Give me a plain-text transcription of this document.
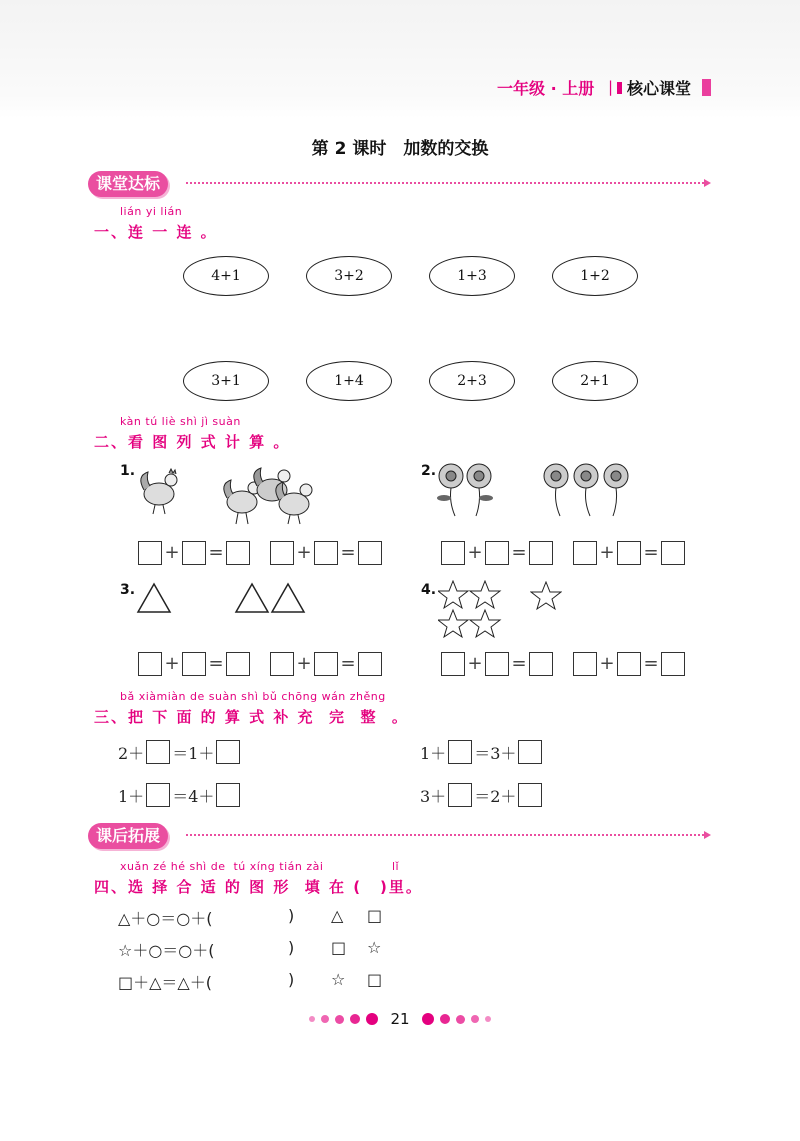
一年级 · 上册 | 核心课堂
第 2 课时　加数的交换
课堂达标
lián yi lián
一、连 一 连 。
4+1	3+2	1+3	1+2
3+1	1+4	2+3	2+1
kàn tú liè shì jì suàn
二、看 图 列 式 计 算 。
1.	2.
+ =	+ =	+ =	+ =
3.	4.
+ =	+ =	+ =	+ =
bǎ xiàmiàn de suàn shì bǔ chōng wán zhěng
三、把 下 面 的 算 式 补 充  完  整  。
2＋ ＝1＋	1＋ ＝3＋
1＋ ＝4＋	3＋ ＝2＋
课后拓展
xuǎn zé hé shì de  tú xíng tián zài	lǐ
四、选 择 合 适 的 图 形  填 在 ( )里。
△＋○＝○＋(	) △ □
☆＋○＝○＋(	) □ ☆
□＋△＝△＋(	) ☆ □
21
